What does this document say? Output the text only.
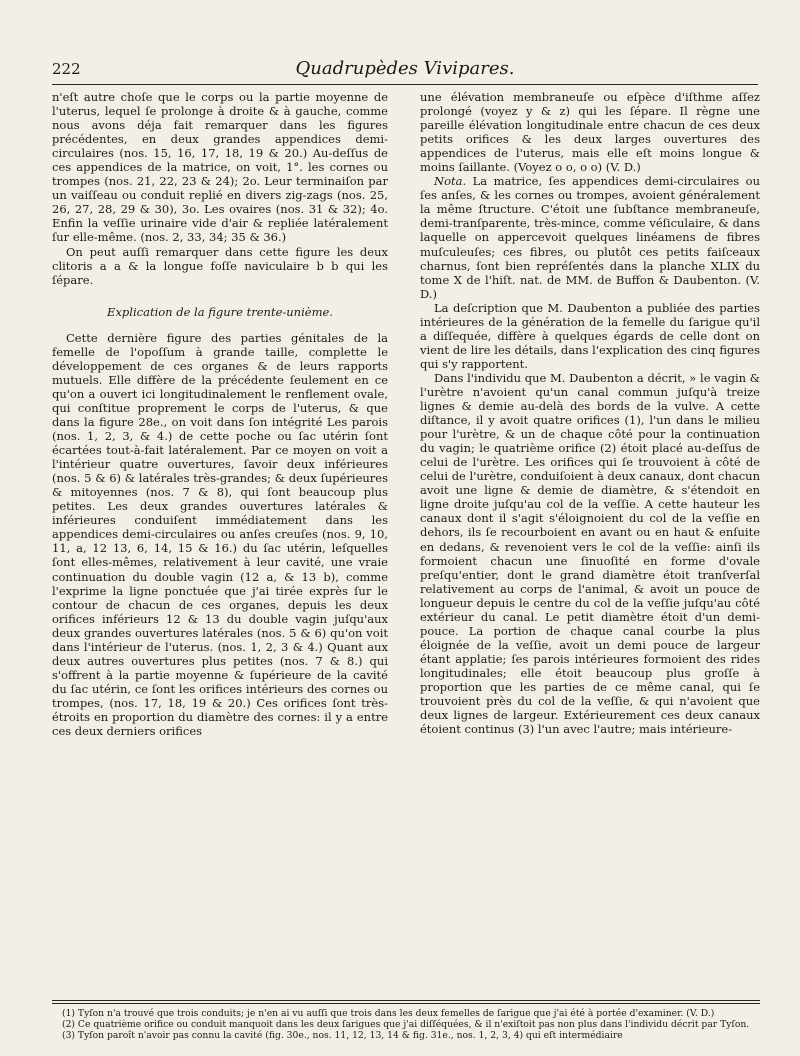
222	Quadrupèdes Vivipares.

n'eſt autre choſe que le corps ou la partie moyenne de l'uterus, lequel ſe prolonge à droite & à gauche, comme nous avons déja fait remarquer dans les figures précédentes, en deux grandes appendices demi-circulaires (nos. 15, 16, 17, 18, 19 & 20.) Au-deſſus de ces appendices de la matrice, on voit, 1°. les cornes ou trompes (nos. 21, 22, 23 & 24); 2o. Leur terminaiſon par un vaiſſeau ou conduit replié en divers zig-zags (nos. 25, 26, 27, 28, 29 & 30), 3o. Les ovaires (nos. 31 & 32); 4o. Enfin la veſſie urinaire vide d'air & repliée latéralement ſur elle-même. (nos. 2, 33, 34; 35 & 36.)

On peut auſſi remarquer dans cette figure les deux clitoris a a & la longue foſſe naviculaire b b qui les ſépare.

Explication de la figure trente-unième.

Cette dernière figure des parties génitales de la femelle de l'opoſſum à grande taille, complette le développement de ces organes & de leurs rapports mutuels. Elle diffère de la précédente ſeulement en ce qu'on a ouvert ici longitudinalement le renflement ovale, qui conſtitue proprement le corps de l'uterus, & que dans la figure 28e., on voit dans ſon intégrité Les parois (nos. 1, 2, 3, & 4.) de cette poche ou ſac utérin ſont écartées tout-à-fait latéralement. Par ce moyen on voit a l'intérieur quatre ouvertures, ſavoir deux inférieures (nos. 5 & 6) & latérales très-grandes; & deux ſupérieures & mitoyennes (nos. 7 & 8), qui ſont beaucoup plus petites. Les deux grandes ouvertures latérales & inférieures conduiſent immédiatement dans les appendices demi-circulaires ou anſes creuſes (nos. 9, 10, 11, a, 12 13, 6, 14, 15 & 16.) du ſac utérin, leſquelles ſont elles-mêmes, relativement à leur cavité, une vraie continuation du double vagin (12 a, & 13 b), comme l'exprime la ligne ponctuée que j'ai tirée exprès ſur le contour de chacun de ces organes, depuis les deux orifices inférieurs 12 & 13 du double vagin juſqu'aux deux grandes ouvertures latérales (nos. 5 & 6) qu'on voit dans l'intérieur de l'uterus. (nos. 1, 2, 3 & 4.) Quant aux deux autres ouvertures plus petites (nos. 7 & 8.) qui s'offrent à la partie moyenne & ſupérieure de la cavité du ſac utérin, ce ſont les orifices intérieurs des cornes ou trompes, (nos. 17, 18, 19 & 20.) Ces orifices ſont très-étroits en proportion du diamètre des cornes: il y a entre ces deux derniers orifices

une élévation membraneuſe ou eſpèce d'iſthme aſſez prolongé (voyez y & z) qui les ſépare. Il règne une pareille élévation longitudinale entre chacun de ces deux petits orifices & les deux larges ouvertures des appendices de l'uterus, mais elle eſt moins longue & moins ſaillante. (Voyez o o, o o) (V. D.)

Nota. La matrice, ſes appendices demi-circulaires ou ſes anſes, & les cornes ou trompes, avoient généralement la même ſtructure. C'étoit une ſubſtance membraneuſe, demi-tranſparente, très-mince, comme véſiculaire, & dans laquelle on appercevoit quelques linéamens de fibres muſculeuſes; ces fibres, ou plutôt ces petits faiſceaux charnus, ſont bien repréſentés dans la planche XLIX du tome X de l'hiſt. nat. de MM. de Buffon & Daubenton. (V. D.)

La deſcription que M. Daubenton a publiée des parties intérieures de la génération de la femelle du ſarigue qu'il a diſſequée, diffère à quelques égards de celle dont on vient de lire les détails, dans l'explication des cinq figures qui s'y rapportent.

Dans l'individu que M. Daubenton a décrit, » le vagin & l'urètre n'avoient qu'un canal commun juſqu'à treize lignes & demie au-delà des bords de la vulve. A cette diſtance, il y avoit quatre orifices (1), l'un dans le milieu pour l'urètre, & un de chaque côté pour la continuation du vagin; le quatrième orifice (2) étoit placé au-deſſus de celui de l'urètre. Les orifices qui ſe trouvoient à côté de celui de l'urètre, conduiſoient à deux canaux, dont chacun avoit une ligne & demie de diamètre, & s'étendoit en ligne droite juſqu'au col de la veſſie. A cette hauteur les canaux dont il s'agit s'éloignoient du col de la veſſie en dehors, ils ſe recourboient en avant ou en haut & enſuite en dedans, & revenoient vers le col de la veſſie: ainſi ils formoient chacun une ſinuoſité en forme d'ovale preſqu'entier, dont le grand diamètre étoit tranſverſal relativement au corps de l'animal, & avoit un pouce de longueur depuis le centre du col de la veſſie juſqu'au côté extérieur du canal. Le petit diamètre étoit d'un demi-pouce. La portion de chaque canal courbe la plus éloignée de la veſſie, avoit un demi pouce de largeur étant applatie; ſes parois intérieures formoient des rides longitudinales; elle étoit beaucoup plus groſſe à proportion que les parties de ce même canal, qui ſe trouvoient près du col de la veſſie, & qui n'avoient que deux lignes de largeur. Extérieurement ces deux canaux étoient continus (3) l'un avec l'autre; mais intérieure-

(1) Tyſon n'a trouvé que trois conduits; je n'en ai vu auſſi que trois dans les deux femelles de ſarigue que j'ai été à portée d'examiner. (V. D.)

(2) Ce quatrième orifice ou conduit manquoit dans les deux ſarigues que j'ai diſſéquées, & il n'exiſtoit pas non plus dans l'individu décrit par Tyſon.

(3) Tyſon paroît n'avoir pas connu la cavité (fig. 30e., nos. 11, 12, 13, 14 & fig. 31e., nos. 1, 2, 3, 4) qui eſt intermédiaire
